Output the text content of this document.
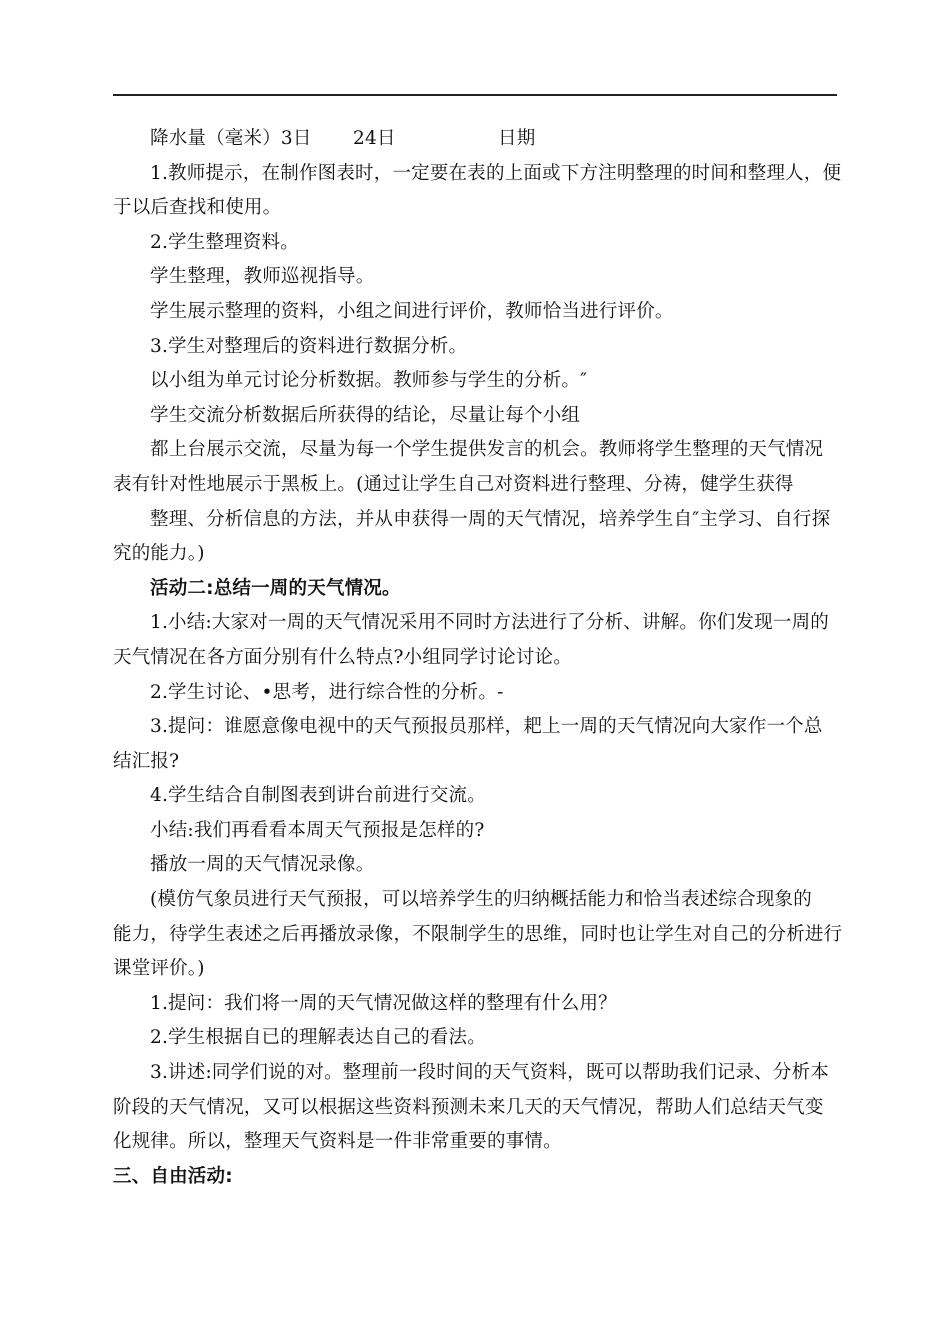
降水量（毫米）3日 24日	日期
1.教师提示，在制作图表时，一定要在表的上面或下方注明整理的时间和整理人，便
于以后查找和使用。
2.学生整理资料。
学生整理，教师巡视指导。
学生展示整理的资料，小组之间进行评价，教师恰当进行评价。
3.学生对整理后的资料进行数据分析。
以小组为单元讨论分析数据。教师参与学生的分析。″
学生交流分析数据后所获得的结论，尽量让每个小组
都上台展示交流，尽量为每一个学生提供发言的机会。教师将学生整理的天气情况
表有针对性地展示于黑板上。(通过让学生自己对资料进行整理、分祷，健学生获得
整理、分析信息的方法，并从申获得一周的天气情况，培养学生自″主学习、自行探
究的能力。)
活动二:总结一周的天气情况。
1.小结:大家对一周的天气情况采用不同时方法进行了分析、讲解。你们发现一周的
天气情况在各方面分别有什么特点?小组同学讨论讨论。
2.学生讨论、•思考，进行综合性的分析。-
3.提问：谁愿意像电视中的天气预报员那样，耙上一周的天气情况向大家作一个总
结汇报?
4.学生结合自制图表到讲台前进行交流。
小结:我们再看看本周天气预报是怎样的?
播放一周的天气情况录像。
(模仿气象员进行天气预报，可以培养学生的归纳概括能力和恰当表述综合现象的
能力，待学生表述之后再播放录像，不限制学生的思维，同时也让学生对自己的分析进行
课堂评价。)
1.提问：我们将一周的天气情况做这样的整理有什么用？
2.学生根据自已的理解表达自己的看法。
3.讲述:同学们说的对。整理前一段时间的天气资料，既可以帮助我们记录、分析本
阶段的天气情况，又可以根据这些资料预测未来几天的天气情况，帮助人们总结天气变
化规律。所以，整理天气资料是一件非常重要的事情。
三、自由活动:
